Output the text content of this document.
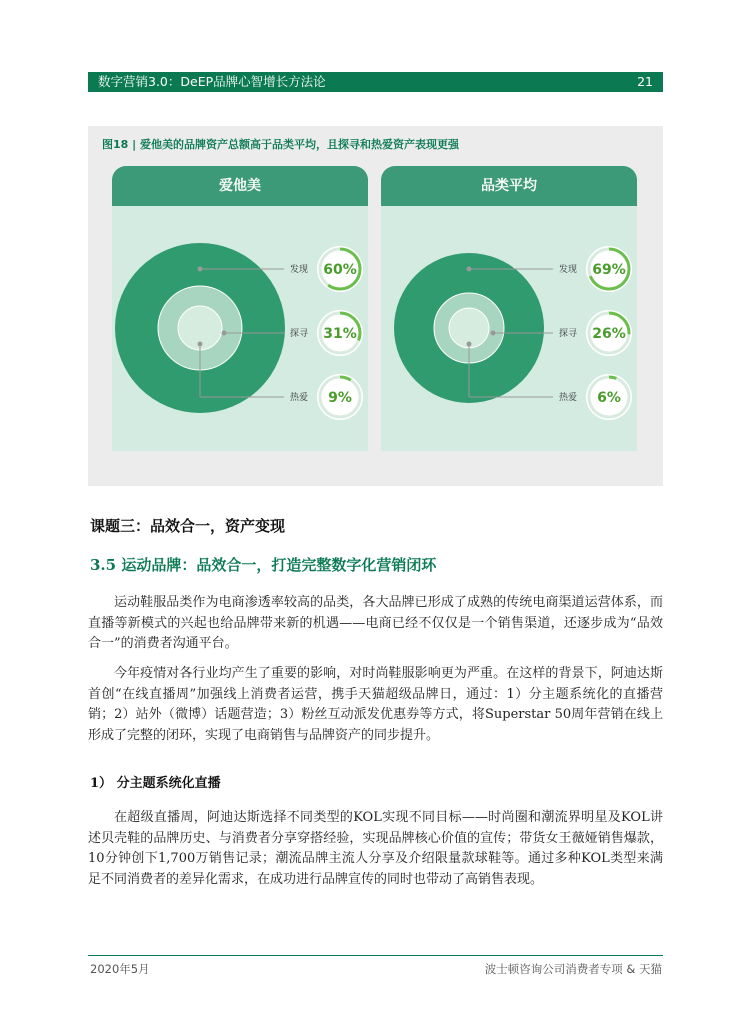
数字营销3.0：DeEP品牌心智增长方法论	21
图18 | 爱他美的品牌资产总额高于品类平均，且探寻和热爱资产表现更强
爱他美
发现
探寻
热爱
60%
31%
9%
品类平均
发现
探寻
热爱
69%
26%
6%
课题三：品效合一，资产变现
3.5 运动品牌：品效合一，打造完整数字化营销闭环

运动鞋服品类作为电商渗透率较高的品类，各大品牌已形成了成熟的传统电商渠道运营体系，而直播等新模式的兴起也给品牌带来新的机遇——电商已经不仅仅是一个销售渠道，还逐步成为“品效合一”的消费者沟通平台。

今年疫情对各行业均产生了重要的影响，对时尚鞋服影响更为严重。在这样的背景下，阿迪达斯首创“在线直播周”加强线上消费者运营，携手天猫超级品牌日，通过：1）分主题系统化的直播营销；2）站外（微博）话题营造；3）粉丝互动派发优惠券等方式，将Superstar 50周年营销在线上形成了完整的闭环，实现了电商销售与品牌资产的同步提升。

1） 分主题系统化直播

在超级直播周，阿迪达斯选择不同类型的KOL实现不同目标——时尚圈和潮流界明星及KOL讲述贝壳鞋的品牌历史、与消费者分享穿搭经验，实现品牌核心价值的宣传；带货女王薇娅销售爆款，10分钟创下1,700万销售记录；潮流品牌主流人分享及介绍限量款球鞋等。通过多种KOL类型来满足不同消费者的差异化需求，在成功进行品牌宣传的同时也带动了高销售表现。

2020年5月	波士顿咨询公司消费者专项 & 天猫
